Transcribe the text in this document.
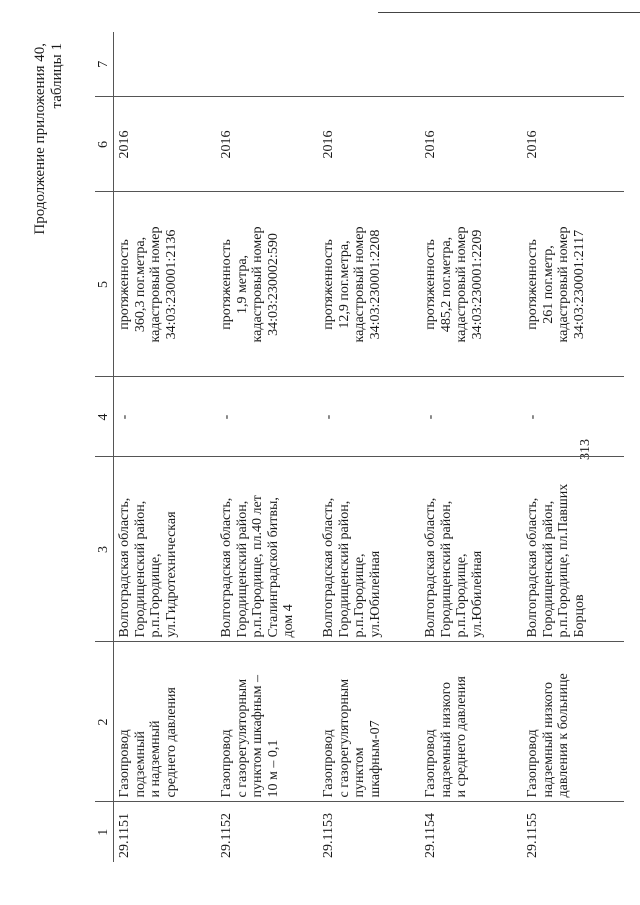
313
Продолжение приложения 40, таблицы 1
1	2	3	4	5	6	7
29.1151	Газопровод
подземный
и надземный
среднего давления	Волгоградская область,
Городищенский район,
р.п.Городище,
ул.Гидротехническая	-	протяженность
360,3 пог.метра,
кадастровый номер
34:03:230001:2136	2016	
29.1152	Газопровод
с газорегуляторным
пунктом шкафным –
10 м – 0,1	Волгоградская область,
Городищенский район,
р.п.Городище, пл.40 лет
Сталинградской битвы,
дом 4	-	протяженность
1,9 метра,
кадастровый номер
34:03:230002:590	2016	
29.1153	Газопровод
с газорегуляторным
пунктом
шкафным-07	Волгоградская область,
Городищенский район,
р.п.Городище,
ул.Юбилейная	-	протяженность
12,9 пог.метра,
кадастровый номер
34:03:230001:2208	2016	
29.1154	Газопровод
надземный низкого
и среднего давления	Волгоградская область,
Городищенский район,
р.п.Городище,
ул.Юбилейная	-	протяженность
485,2 пог.метра,
кадастровый номер
34:03:230001:2209	2016	
29.1155	Газопровод
надземный низкого
давления к больнице	Волгоградская область,
Городищенский район,
р.п.Городище, пл.Павших
Борцов	-	протяженность
261 пог.метр,
кадастровый номер
34:03:230001:2117	2016	
